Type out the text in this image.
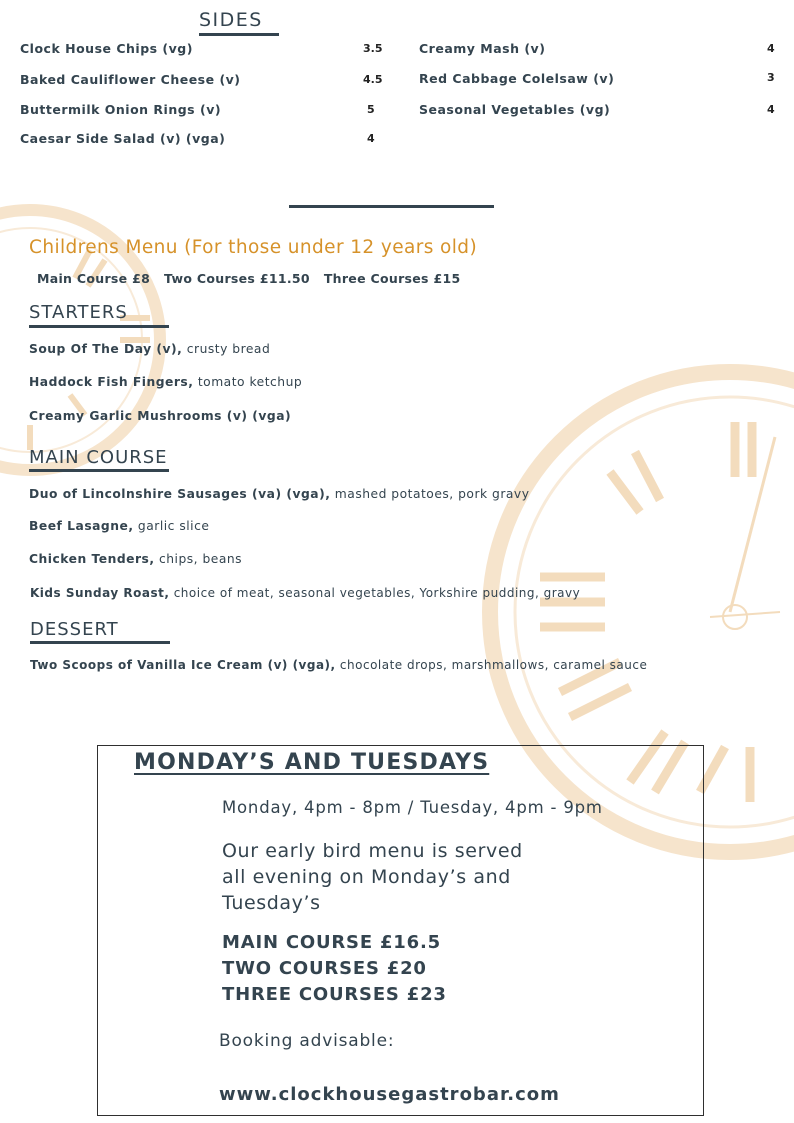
SIDES
Clock House Chips (vg)	3.5
Baked Cauliflower Cheese (v)	4.5
Buttermilk Onion Rings (v)	5
Caesar Side Salad (v) (vga)	4
Creamy Mash (v)	4
Red Cabbage Colelsaw (v)	3
Seasonal Vegetables (vg)	4
Childrens Menu (For those under 12 years old)
Main Course £8   Two Courses £11.50   Three Courses £15
STARTERS
Soup Of The Day (v), crusty bread
Haddock Fish Fingers, tomato ketchup
Creamy Garlic Mushrooms (v) (vga)
MAIN COURSE
Duo of Lincolnshire Sausages (va) (vga), mashed potatoes, pork gravy
Beef Lasagne, garlic slice
Chicken Tenders, chips, beans
Kids Sunday Roast, choice of meat, seasonal vegetables, Yorkshire pudding, gravy
DESSERT
Two Scoops of Vanilla Ice Cream (v) (vga), chocolate drops, marshmallows, caramel sauce
MONDAY’S AND TUESDAYS
Monday, 4pm - 8pm / Tuesday, 4pm - 9pm
Our early bird menu is served all evening on Monday’s and Tuesday’s
MAIN COURSE £16.5
TWO COURSES £20
THREE COURSES £23
Booking advisable:
www.clockhousegastrobar.com
